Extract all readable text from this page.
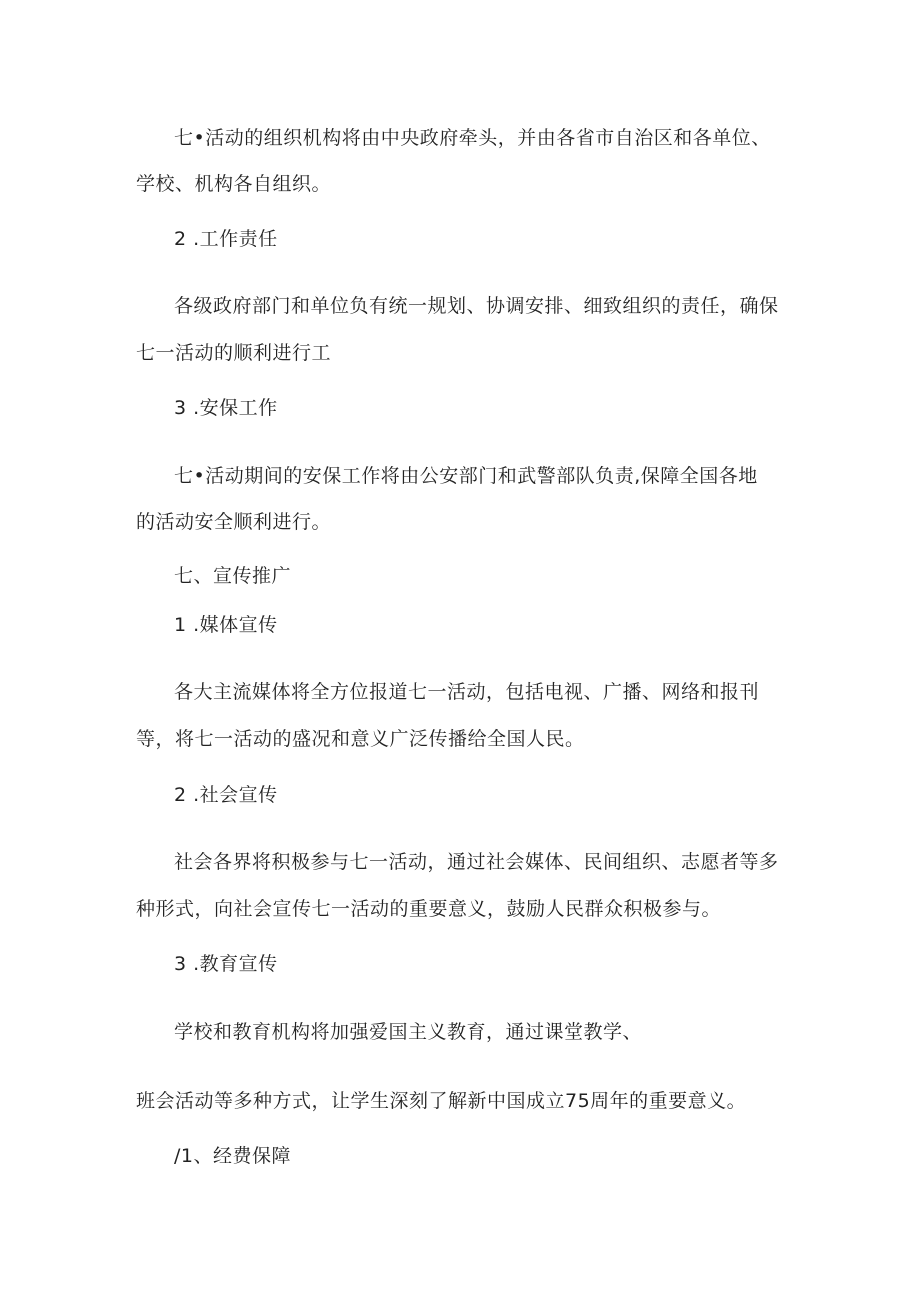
七•活动的组织机构将由中央政府牵头，并由各省市自治区和各单位、
学校、机构各自组织。
2 .工作责任
各级政府部门和单位负有统一规划、协调安排、细致组织的责任，确保
七一活动的顺利进行工
3 .安保工作
七•活动期间的安保工作将由公安部门和武警部队负责,保障全国各地
的活动安全顺利进行。
七、宣传推广
1 .媒体宣传
各大主流媒体将全方位报道七一活动，包括电视、广播、网络和报刊
等，将七一活动的盛况和意义广泛传播给全国人民。
2 .社会宣传
社会各界将积极参与七一活动，通过社会媒体、民间组织、志愿者等多
种形式，向社会宣传七一活动的重要意义，鼓励人民群众积极参与。
3 .教育宣传
学校和教育机构将加强爱国主义教育，通过课堂教学、
班会活动等多种方式，让学生深刻了解新中国成立75周年的重要意义。
/1、经费保障
